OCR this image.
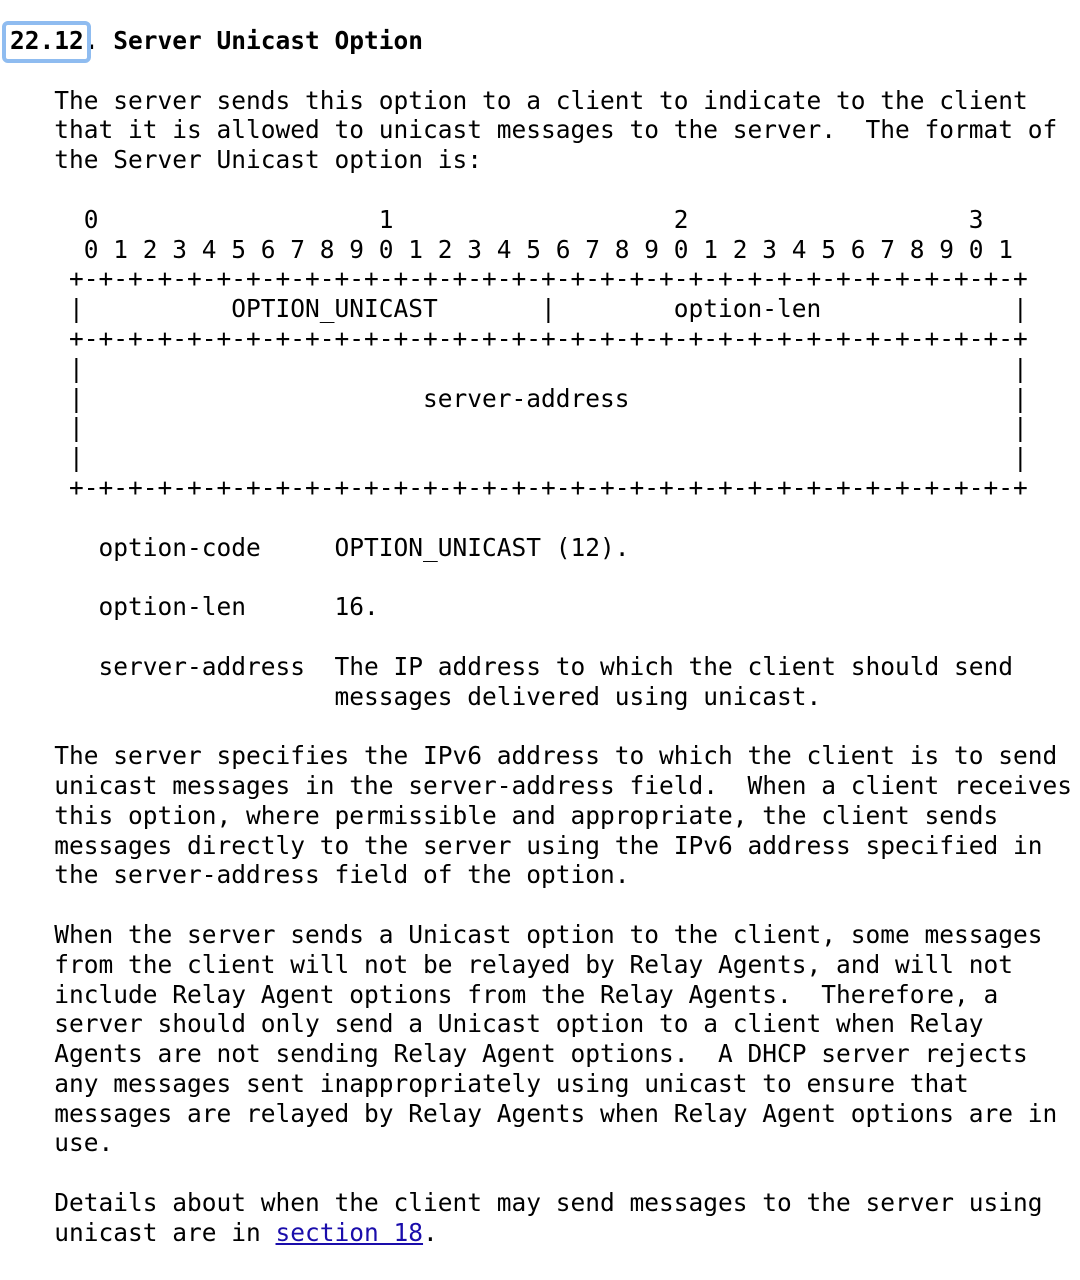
22.12. Server Unicast Option

The server sends this option to a client to indicate to the client
that it is allowed to unicast messages to the server.  The format of
the Server Unicast option is:

0                   1                   2                   3
0 1 2 3 4 5 6 7 8 9 0 1 2 3 4 5 6 7 8 9 0 1 2 3 4 5 6 7 8 9 0 1
+-+-+-+-+-+-+-+-+-+-+-+-+-+-+-+-+-+-+-+-+-+-+-+-+-+-+-+-+-+-+-+-+
|          OPTION_UNICAST       |        option-len             |
+-+-+-+-+-+-+-+-+-+-+-+-+-+-+-+-+-+-+-+-+-+-+-+-+-+-+-+-+-+-+-+-+
|                                                               |
|                       server-address                          |
|                                                               |
|                                                               |
+-+-+-+-+-+-+-+-+-+-+-+-+-+-+-+-+-+-+-+-+-+-+-+-+-+-+-+-+-+-+-+-+

option-code     OPTION_UNICAST (12).

option-len      16.

server-address  The IP address to which the client should send
messages delivered using unicast.

The server specifies the IPv6 address to which the client is to send
unicast messages in the server-address field.  When a client receives
this option, where permissible and appropriate, the client sends
messages directly to the server using the IPv6 address specified in
the server-address field of the option.

When the server sends a Unicast option to the client, some messages
from the client will not be relayed by Relay Agents, and will not
include Relay Agent options from the Relay Agents.  Therefore, a
server should only send a Unicast option to a client when Relay
Agents are not sending Relay Agent options.  A DHCP server rejects
any messages sent inappropriately using unicast to ensure that
messages are relayed by Relay Agents when Relay Agent options are in
use.

Details about when the client may send messages to the server using
unicast are in section 18.
